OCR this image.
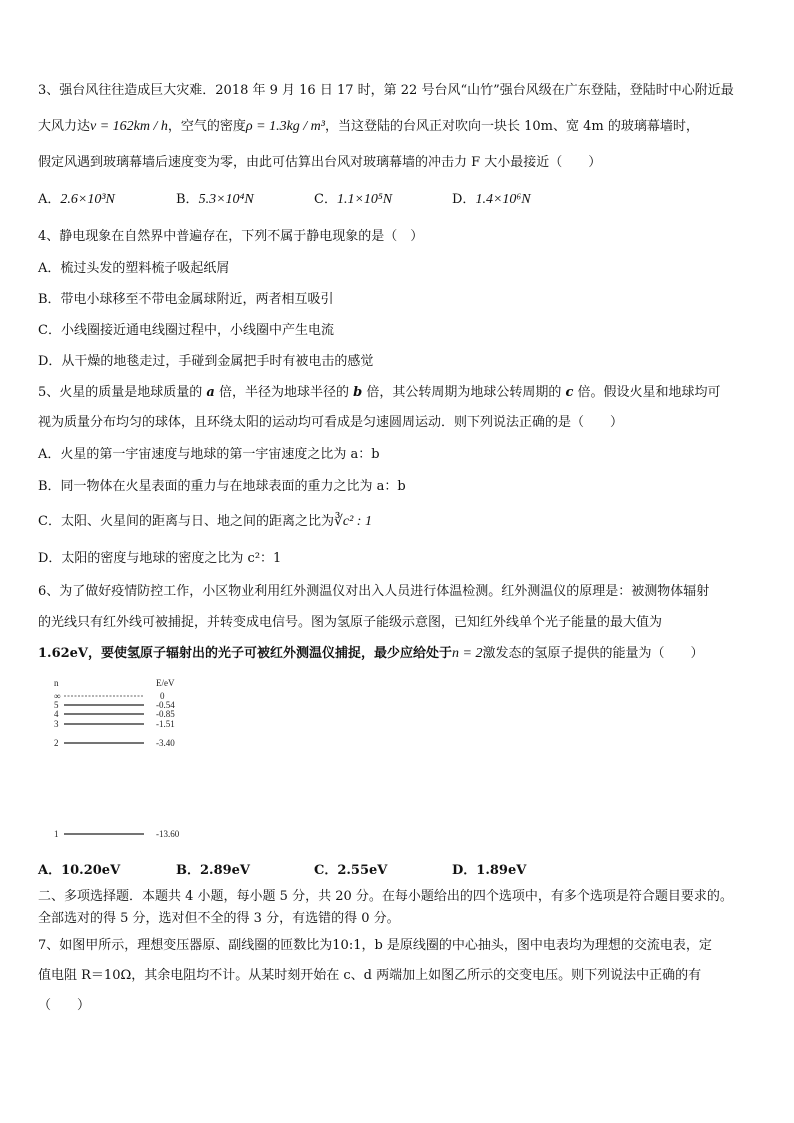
3、强台风往往造成巨大灾难．2018 年 9 月 16 日 17 时，第 22 号台风“山竹”强台风级在广东登陆，登陆时中心附近最
大风力达v = 162km / h，空气的密度ρ = 1.3kg / m³，当这登陆的台风正对吹向一块长 10m、宽 4m 的玻璃幕墙时，
假定风遇到玻璃幕墙后速度变为零，由此可估算出台风对玻璃幕墙的冲击力 F 大小最接近（　　）
A．2.6×10³N	B．5.3×10⁴N	C．1.1×10⁵N	D．1.4×10⁶N
4、静电现象在自然界中普遍存在，下列不属于静电现象的是（　）
A．梳过头发的塑料梳子吸起纸屑
B．带电小球移至不带电金属球附近，两者相互吸引
C．小线圈接近通电线圈过程中，小线圈中产生电流
D．从干燥的地毯走过，手碰到金属把手时有被电击的感觉
5、火星的质量是地球质量的 a 倍，半径为地球半径的 b 倍，其公转周期为地球公转周期的 c 倍。假设火星和地球均可
视为质量分布均匀的球体，且环绕太阳的运动均可看成是匀速圆周运动．则下列说法正确的是（　　）
A．火星的第一宇宙速度与地球的第一宇宙速度之比为 a：b
B．同一物体在火星表面的重力与在地球表面的重力之比为 a：b
C．太阳、火星间的距离与日、地之间的距离之比为∛c² : 1
D．太阳的密度与地球的密度之比为 c²：1
6、为了做好疫情防控工作，小区物业利用红外测温仪对出入人员进行体温检测。红外测温仪的原理是：被测物体辐射
的光线只有红外线可被捕捉，并转变成电信号。图为氢原子能级示意图，已知红外线单个光子能量的最大值为
1.62eV，要使氢原子辐射出的光子可被红外测温仪捕捉，最少应给处于n = 2激发态的氢原子提供的能量为（　　）
n	E/eV
∞	0
5	-0.54
4	-0.85
3	-1.51
2	-3.40
1	-13.60
A．10.20eV	B．2.89eV	C．2.55eV	D．1.89eV
二、多项选择题．本题共 4 小题，每小题 5 分，共 20 分。在每小题给出的四个选项中，有多个选项是符合题目要求的。
全部选对的得 5 分，选对但不全的得 3 分，有选错的得 0 分。
7、如图甲所示，理想变压器原、副线圈的匝数比为10:1，b 是原线圈的中心抽头，图中电表均为理想的交流电表，定
值电阻 R＝10Ω，其余电阻均不计。从某时刻开始在 c、d 两端加上如图乙所示的交变电压。则下列说法中正确的有
（　　）
